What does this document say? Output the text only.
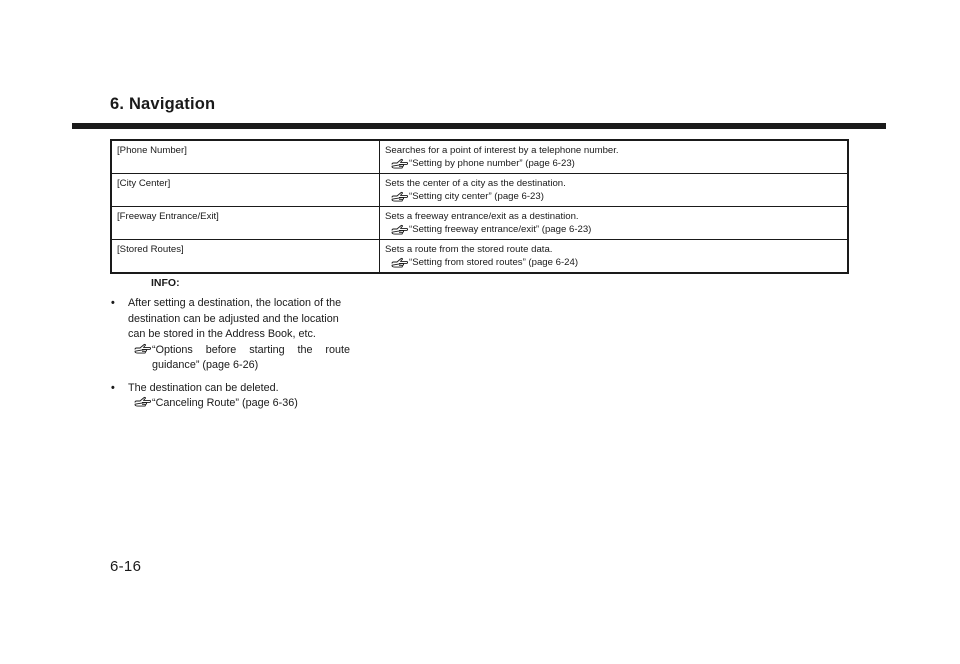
6. Navigation
[Phone Number]	Searches for a point of interest by a telephone number.
“Setting by phone number” (page 6-23)

[City Center]	Sets the center of a city as the destination.
“Setting city center” (page 6-23)

[Freeway Entrance/Exit]	Sets a freeway entrance/exit as a destination.
“Setting freeway entrance/exit” (page 6-23)

[Stored Routes]	Sets a route from the stored route data.
“Setting from stored routes” (page 6-24)
INFO:
• After setting a destination, the location of the destination can be adjusted and the location can be stored in the Address Book, etc.
“Options before starting the route guidance” (page 6-26)
• The destination can be deleted.
“Canceling Route” (page 6-36)
6-16
